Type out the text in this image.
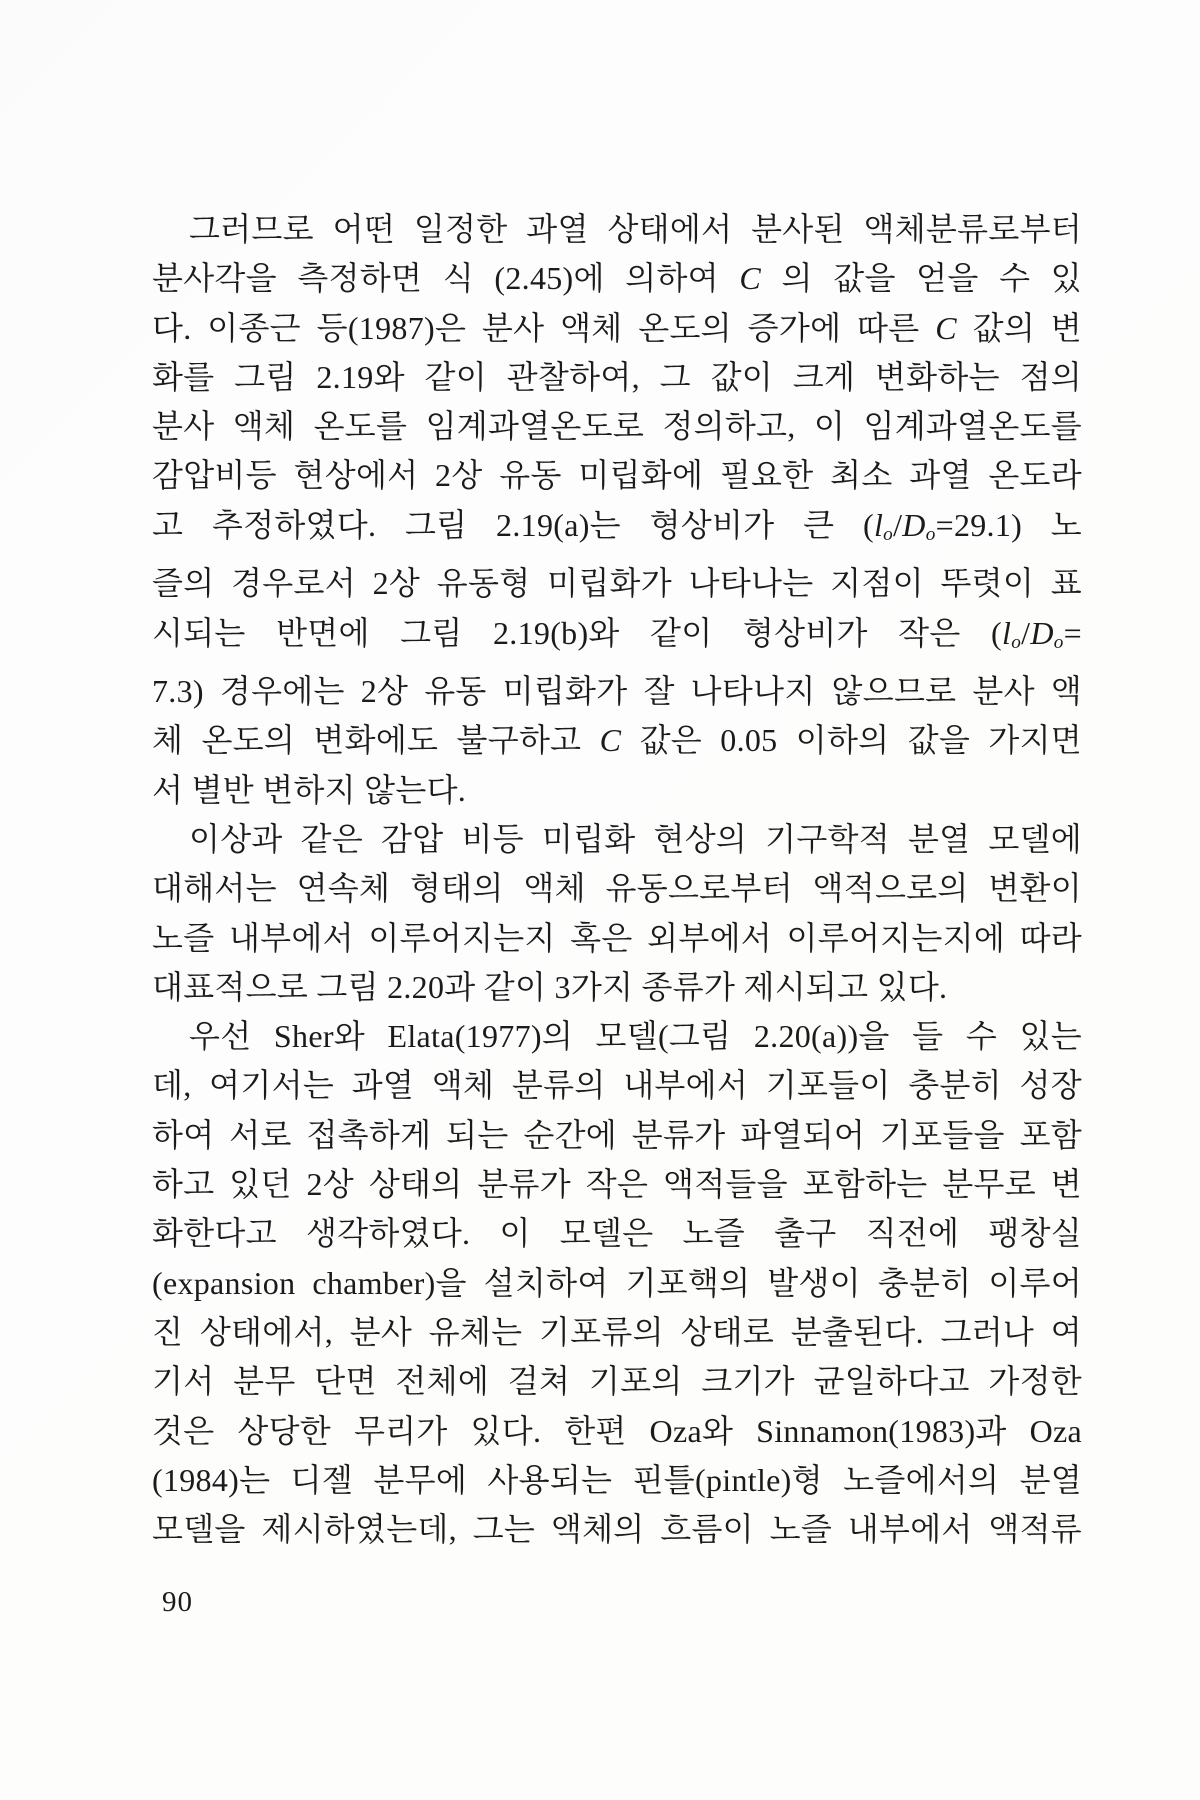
그러므로 어떤 일정한 과열 상태에서 분사된 액체분류로부터
분사각을 측정하면 식 (2.45)에 의하여 C 의 값을 얻을 수 있
다. 이종근 등(1987)은 분사 액체 온도의 증가에 따른 C 값의 변
화를 그림 2.19와 같이 관찰하여, 그 값이 크게 변화하는 점의
분사 액체 온도를 임계과열온도로 정의하고, 이 임계과열온도를
감압비등 현상에서 2상 유동 미립화에 필요한 최소 과열 온도라
고 추정하였다. 그림 2.19(a)는 형상비가 큰 (lo/Do=29.1) 노
즐의 경우로서 2상 유동형 미립화가 나타나는 지점이 뚜렷이 표
시되는 반면에 그림 2.19(b)와 같이 형상비가 작은 (lo/Do=
7.3) 경우에는 2상 유동 미립화가 잘 나타나지 않으므로 분사 액
체 온도의 변화에도 불구하고 C 값은 0.05 이하의 값을 가지면
서 별반 변하지 않는다.
이상과 같은 감압 비등 미립화 현상의 기구학적 분열 모델에
대해서는 연속체 형태의 액체 유동으로부터 액적으로의 변환이
노즐 내부에서 이루어지는지 혹은 외부에서 이루어지는지에 따라
대표적으로 그림 2.20과 같이 3가지 종류가 제시되고 있다.
우선 Sher와 Elata(1977)의 모델(그림 2.20(a))을 들 수 있는
데, 여기서는 과열 액체 분류의 내부에서 기포들이 충분히 성장
하여 서로 접촉하게 되는 순간에 분류가 파열되어 기포들을 포함
하고 있던 2상 상태의 분류가 작은 액적들을 포함하는 분무로 변
화한다고 생각하였다. 이 모델은 노즐 출구 직전에 팽창실
(expansion chamber)을 설치하여 기포핵의 발생이 충분히 이루어
진 상태에서, 분사 유체는 기포류의 상태로 분출된다. 그러나 여
기서 분무 단면 전체에 걸쳐 기포의 크기가 균일하다고 가정한
것은 상당한 무리가 있다. 한편 Oza와 Sinnamon(1983)과 Oza
(1984)는 디젤 분무에 사용되는 핀틀(pintle)형 노즐에서의 분열
모델을 제시하였는데, 그는 액체의 흐름이 노즐 내부에서 액적류
90
